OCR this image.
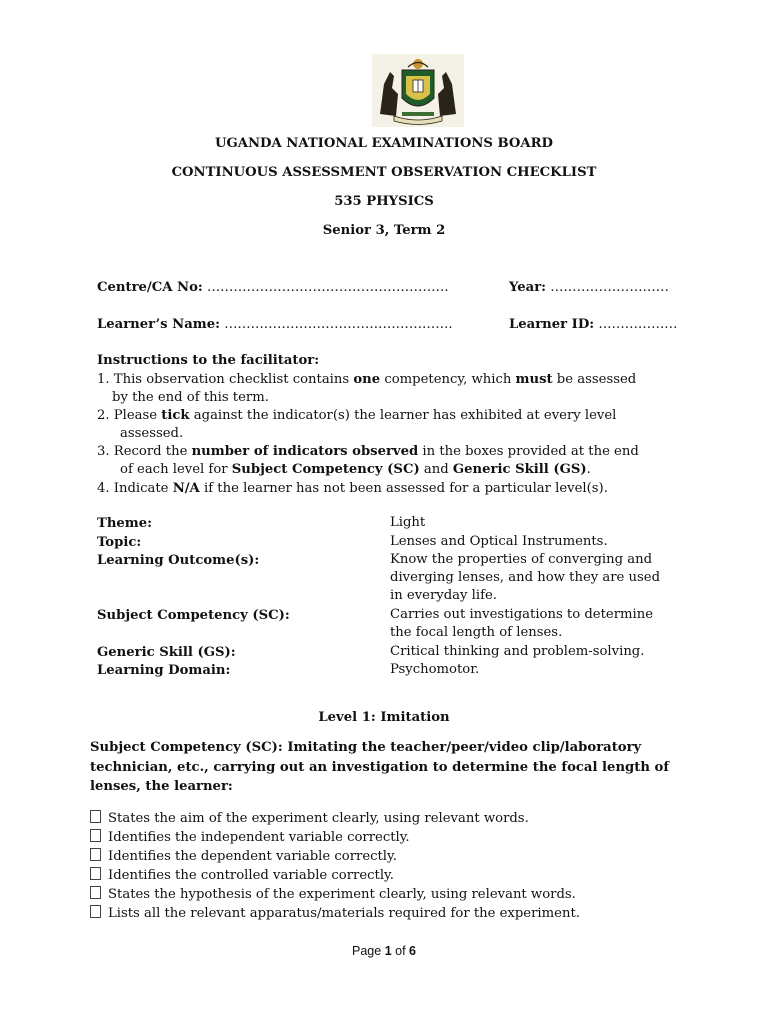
UGANDA NATIONAL EXAMINATIONS BOARD
CONTINUOUS ASSESSMENT OBSERVATION CHECKLIST
535 PHYSICS
Senior 3, Term 2
Centre/CA No: ……………………………………………….	Year: ………………………
Learner’s Name: …………………………………………….	Learner ID: ………………
Instructions to the facilitator:
1. This observation checklist contains one competency, which must be assessed
by the end of this term.
2. Please tick against the indicator(s) the learner has exhibited at every level
assessed.
3. Record the number of indicators observed in the boxes provided at the end
of each level for Subject Competency (SC) and Generic Skill (GS).
4. Indicate N/A if the learner has not been assessed for a particular level(s).
Theme:	Light
Topic:	Lenses and Optical Instruments.
Learning Outcome(s):	Know the properties of converging and
diverging lenses, and how they are used
in everyday life.
Subject Competency (SC):	Carries out investigations to determine
the focal length of lenses.
Generic Skill (GS):	Critical thinking and problem-solving.
Learning Domain:	Psychomotor.
Level 1: Imitation
Subject Competency (SC): Imitating the teacher/peer/video clip/laboratory
technician, etc., carrying out an investigation to determine the focal length of
lenses, the learner:
States the aim of the experiment clearly, using relevant words.
Identifies the independent variable correctly.
Identifies the dependent variable correctly.
Identifies the controlled variable correctly.
States the hypothesis of the experiment clearly, using relevant words.
Lists all the relevant apparatus/materials required for the experiment.
Page 1 of 6
